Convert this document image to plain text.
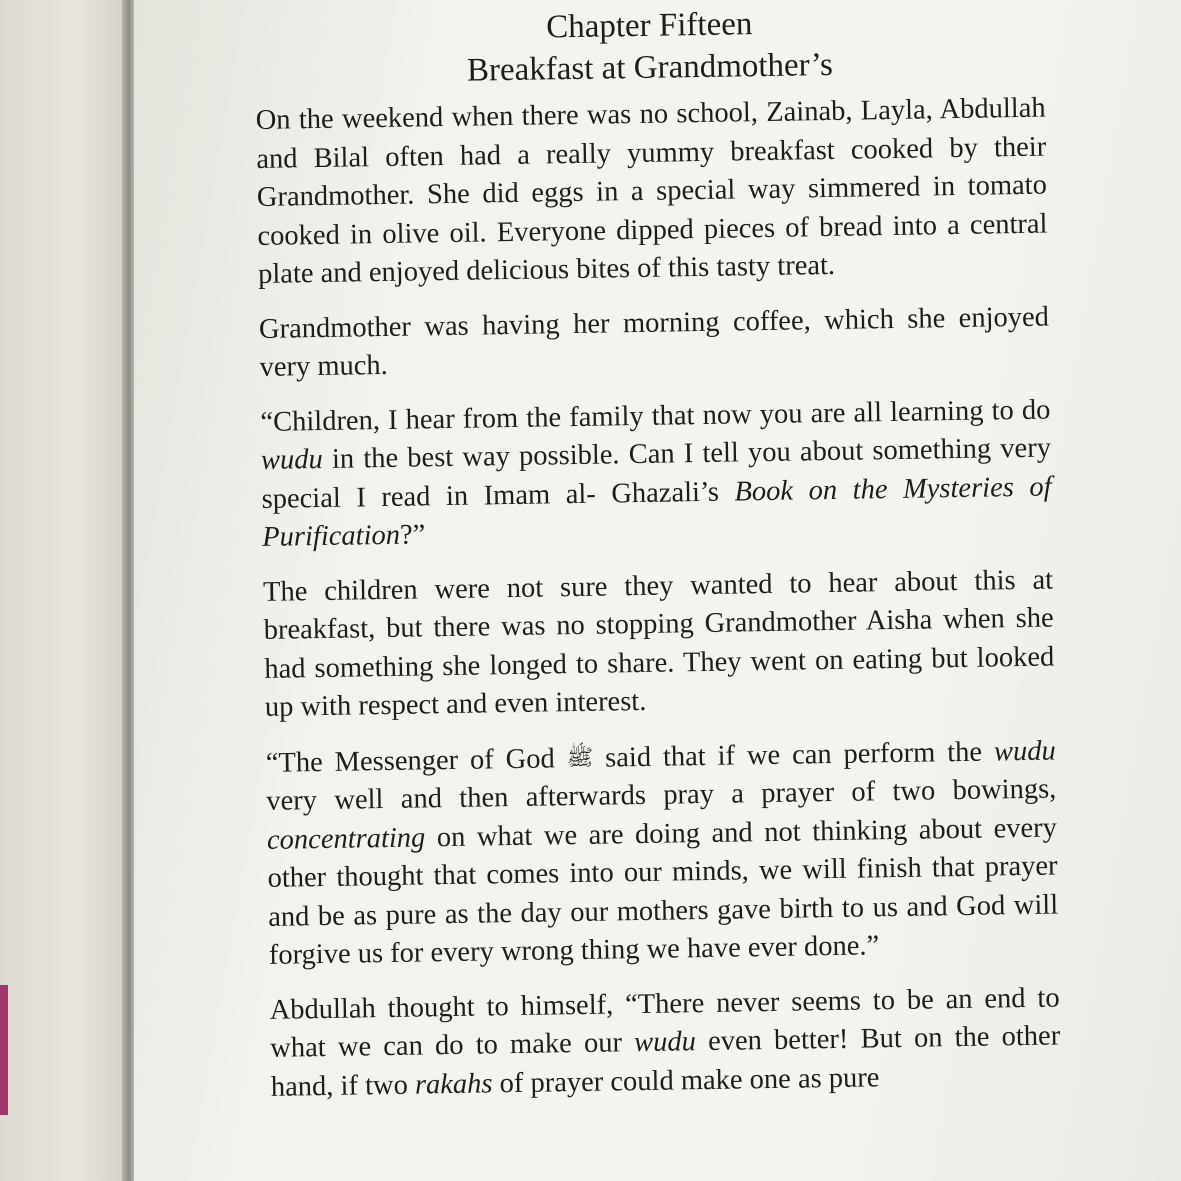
Chapter Fifteen
Breakfast at Grandmother’s

On the weekend when there was no school, Zainab, Layla, Abdullah and Bilal often had a really yummy breakfast cooked by their Grandmother. She did eggs in a special way simmered in tomato cooked in olive oil. Everyone dipped pieces of bread into a central plate and enjoyed delicious bites of this tasty treat.

Grandmother was having her morning coffee, which she enjoyed very much.

“Children, I hear from the family that now you are all learning to do wudu in the best way possible. Can I tell you about something very special I read in Imam al- Ghazali’s Book on the Mysteries of Purification?”

The children were not sure they wanted to hear about this at breakfast, but there was no stopping Grandmother Aisha when she had something she longed to share. They went on eating but looked up with respect and even interest.

“The Messenger of God ﷺ said that if we can perform the wudu very well and then afterwards pray a prayer of two bowings, concentrating on what we are doing and not thinking about every other thought that comes into our minds, we will finish that prayer and be as pure as the day our mothers gave birth to us and God will forgive us for every wrong thing we have ever done.”

Abdullah thought to himself, “There never seems to be an end to what we can do to make our wudu even better! But on the other hand, if two rakahs of prayer could make one as pure
